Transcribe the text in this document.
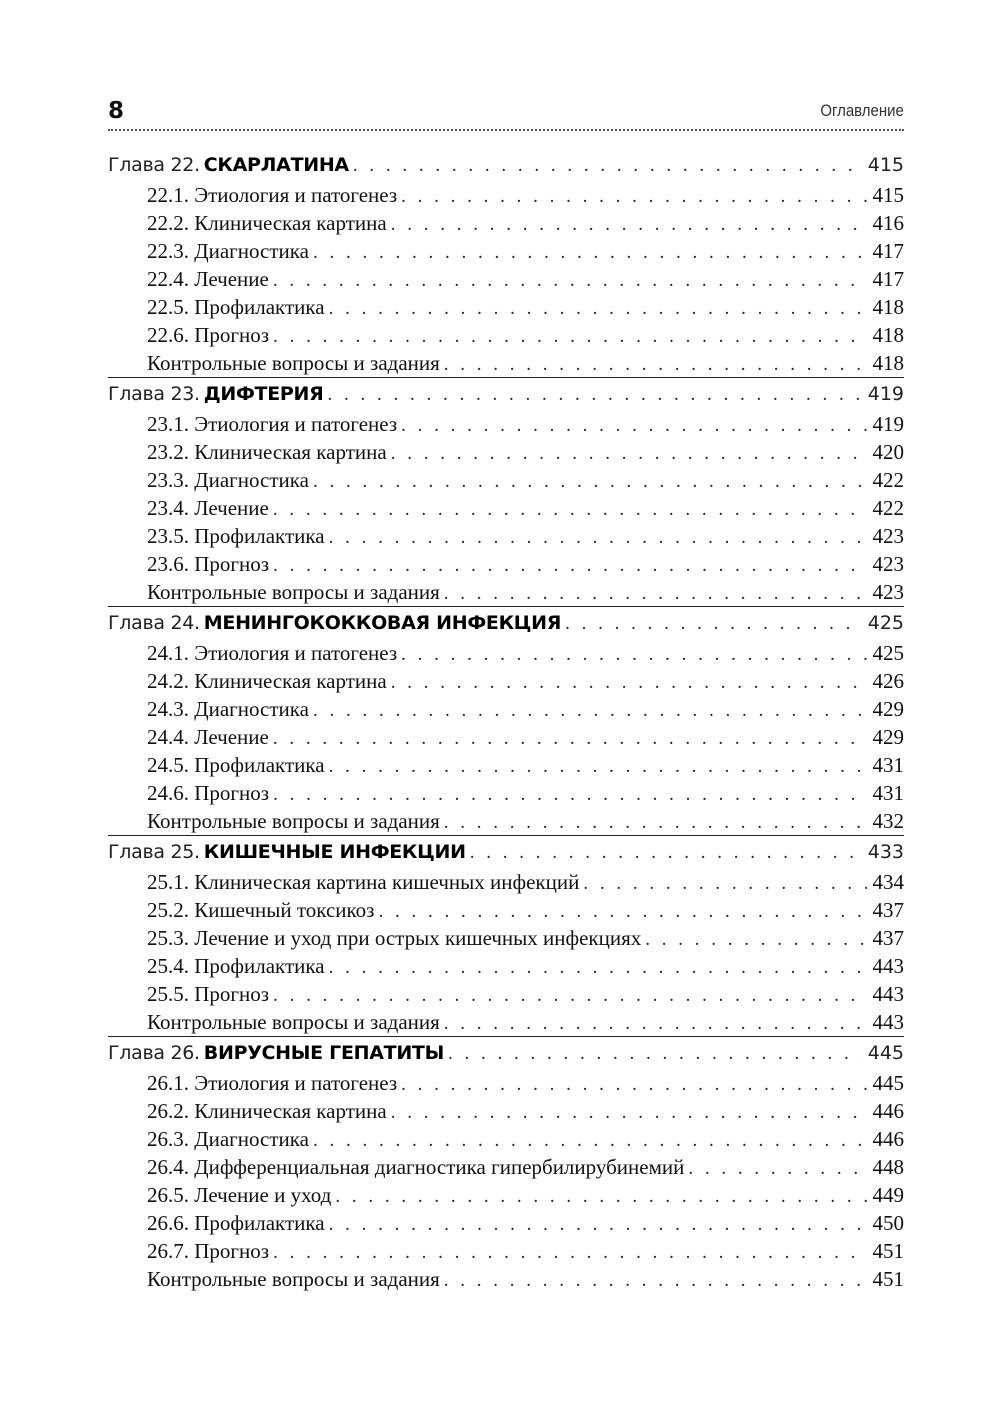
8	Оглавление
Глава 22. СКАРЛАТИНА . . .	415
22.1. Этиология и патогенез . . .	415
22.2. Клиническая картина . . .	416
22.3. Диагностика . . .	417
22.4. Лечение . . .	417
22.5. Профилактика . . .	418
22.6. Прогноз . . .	418
Контрольные вопросы и задания . . .	418
Глава 23. ДИФТЕРИЯ . . .	419
23.1. Этиология и патогенез . . .	419
23.2. Клиническая картина . . .	420
23.3. Диагностика . . .	422
23.4. Лечение . . .	422
23.5. Профилактика . . .	423
23.6. Прогноз . . .	423
Контрольные вопросы и задания . . .	423
Глава 24. МЕНИНГОКОККОВАЯ ИНФЕКЦИЯ . . .	425
24.1. Этиология и патогенез . . .	425
24.2. Клиническая картина . . .	426
24.3. Диагностика . . .	429
24.4. Лечение . . .	429
24.5. Профилактика . . .	431
24.6. Прогноз . . .	431
Контрольные вопросы и задания . . .	432
Глава 25. КИШЕЧНЫЕ ИНФЕКЦИИ . . .	433
25.1. Клиническая картина кишечных инфекций . . .	434
25.2. Кишечный токсикоз . . .	437
25.3. Лечение и уход при острых кишечных инфекциях . . .	437
25.4. Профилактика . . .	443
25.5. Прогноз . . .	443
Контрольные вопросы и задания . . .	443
Глава 26. ВИРУСНЫЕ ГЕПАТИТЫ . . .	445
26.1. Этиология и патогенез . . .	445
26.2. Клиническая картина . . .	446
26.3. Диагностика . . .	446
26.4. Дифференциальная диагностика гипербилирубинемий . . .	448
26.5. Лечение и уход . . .	449
26.6. Профилактика . . .	450
26.7. Прогноз . . .	451
Контрольные вопросы и задания . . .	451
